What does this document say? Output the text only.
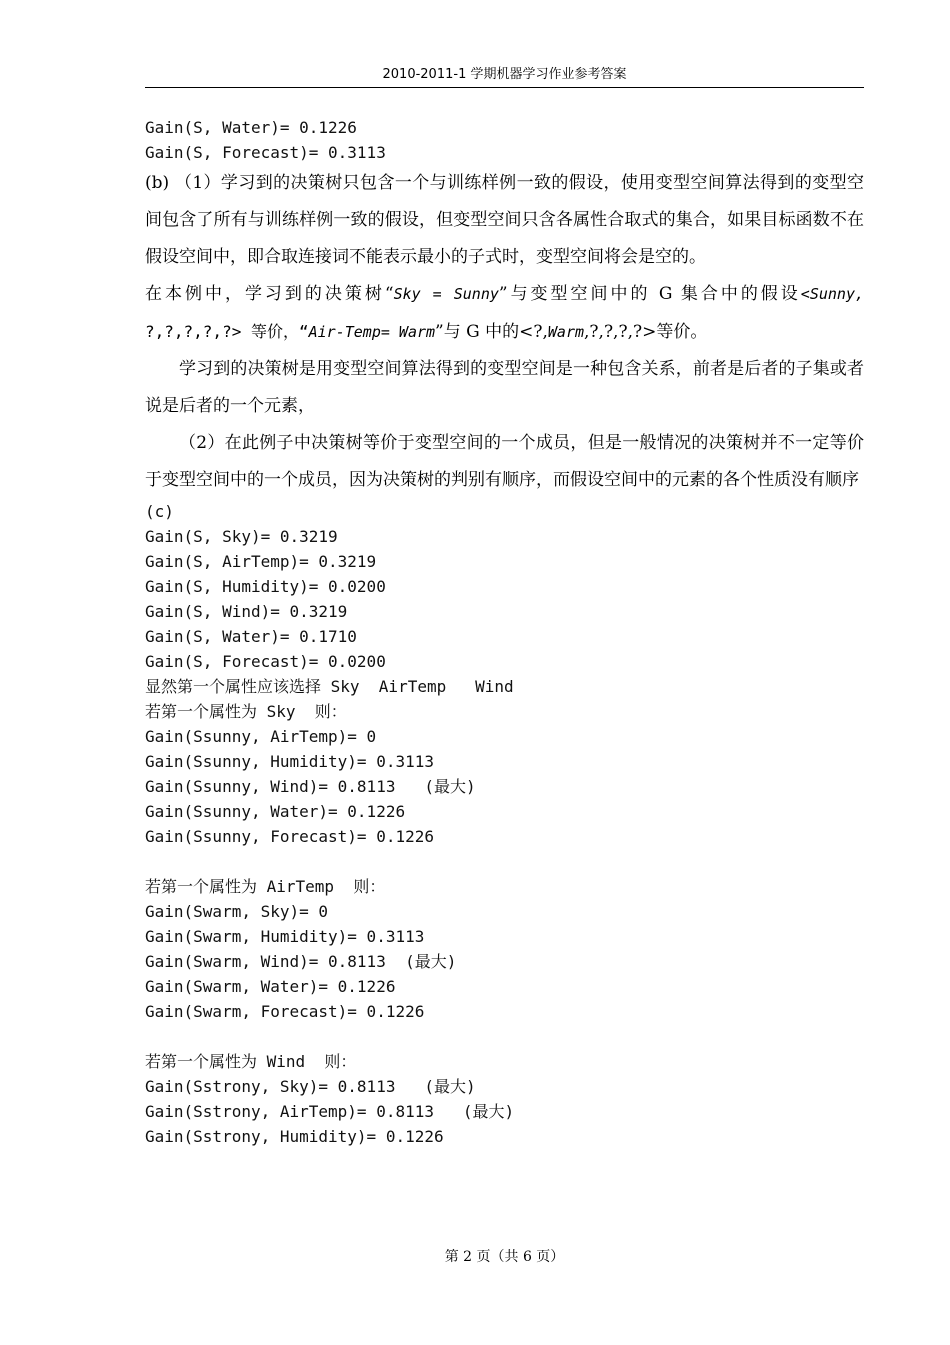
2010-2011-1 学期机器学习作业参考答案
Gain(S, Water)= 0.1226
Gain(S, Forecast)= 0.3113
(b) （1）学习到的决策树只包含一个与训练样例一致的假设，使用变型空间算法得到的变型空间包含了所有与训练样例一致的假设，但变型空间只含各属性合取式的集合，如果目标函数不在假设空间中，即合取连接词不能表示最小的子式时，变型空间将会是空的。
在本例中，学习到的决策树“Sky = Sunny”与变型空间中的 G 集合中的假设<Sunny, ?,?,?,?,?> 等价，“Air-Temp= Warm”与 G 中的<?,Warm,?,?,?,?>等价。
学习到的决策树是用变型空间算法得到的变型空间是一种包含关系，前者是后者的子集或者说是后者的一个元素，
（2）在此例子中决策树等价于变型空间的一个成员，但是一般情况的决策树并不一定等价于变型空间中的一个成员，因为决策树的判别有顺序，而假设空间中的元素的各个性质没有顺序
(c)
Gain(S, Sky)= 0.3219
Gain(S, AirTemp)= 0.3219
Gain(S, Humidity)= 0.0200
Gain(S, Wind)= 0.3219
Gain(S, Water)= 0.1710
Gain(S, Forecast)= 0.0200
显然第一个属性应该选择 Sky  AirTemp   Wind
若第一个属性为 Sky  则：
Gain(Ssunny, AirTemp)= 0
Gain(Ssunny, Humidity)= 0.3113
Gain(Ssunny, Wind)= 0.8113   (最大)
Gain(Ssunny, Water)= 0.1226
Gain(Ssunny, Forecast)= 0.1226
若第一个属性为 AirTemp  则：
Gain(Swarm, Sky)= 0
Gain(Swarm, Humidity)= 0.3113
Gain(Swarm, Wind)= 0.8113  (最大)
Gain(Swarm, Water)= 0.1226
Gain(Swarm, Forecast)= 0.1226
若第一个属性为 Wind  则：
Gain(Sstrony, Sky)= 0.8113   (最大)
Gain(Sstrony, AirTemp)= 0.8113   (最大)
Gain(Sstrony, Humidity)= 0.1226
第 2 页（共 6 页）
